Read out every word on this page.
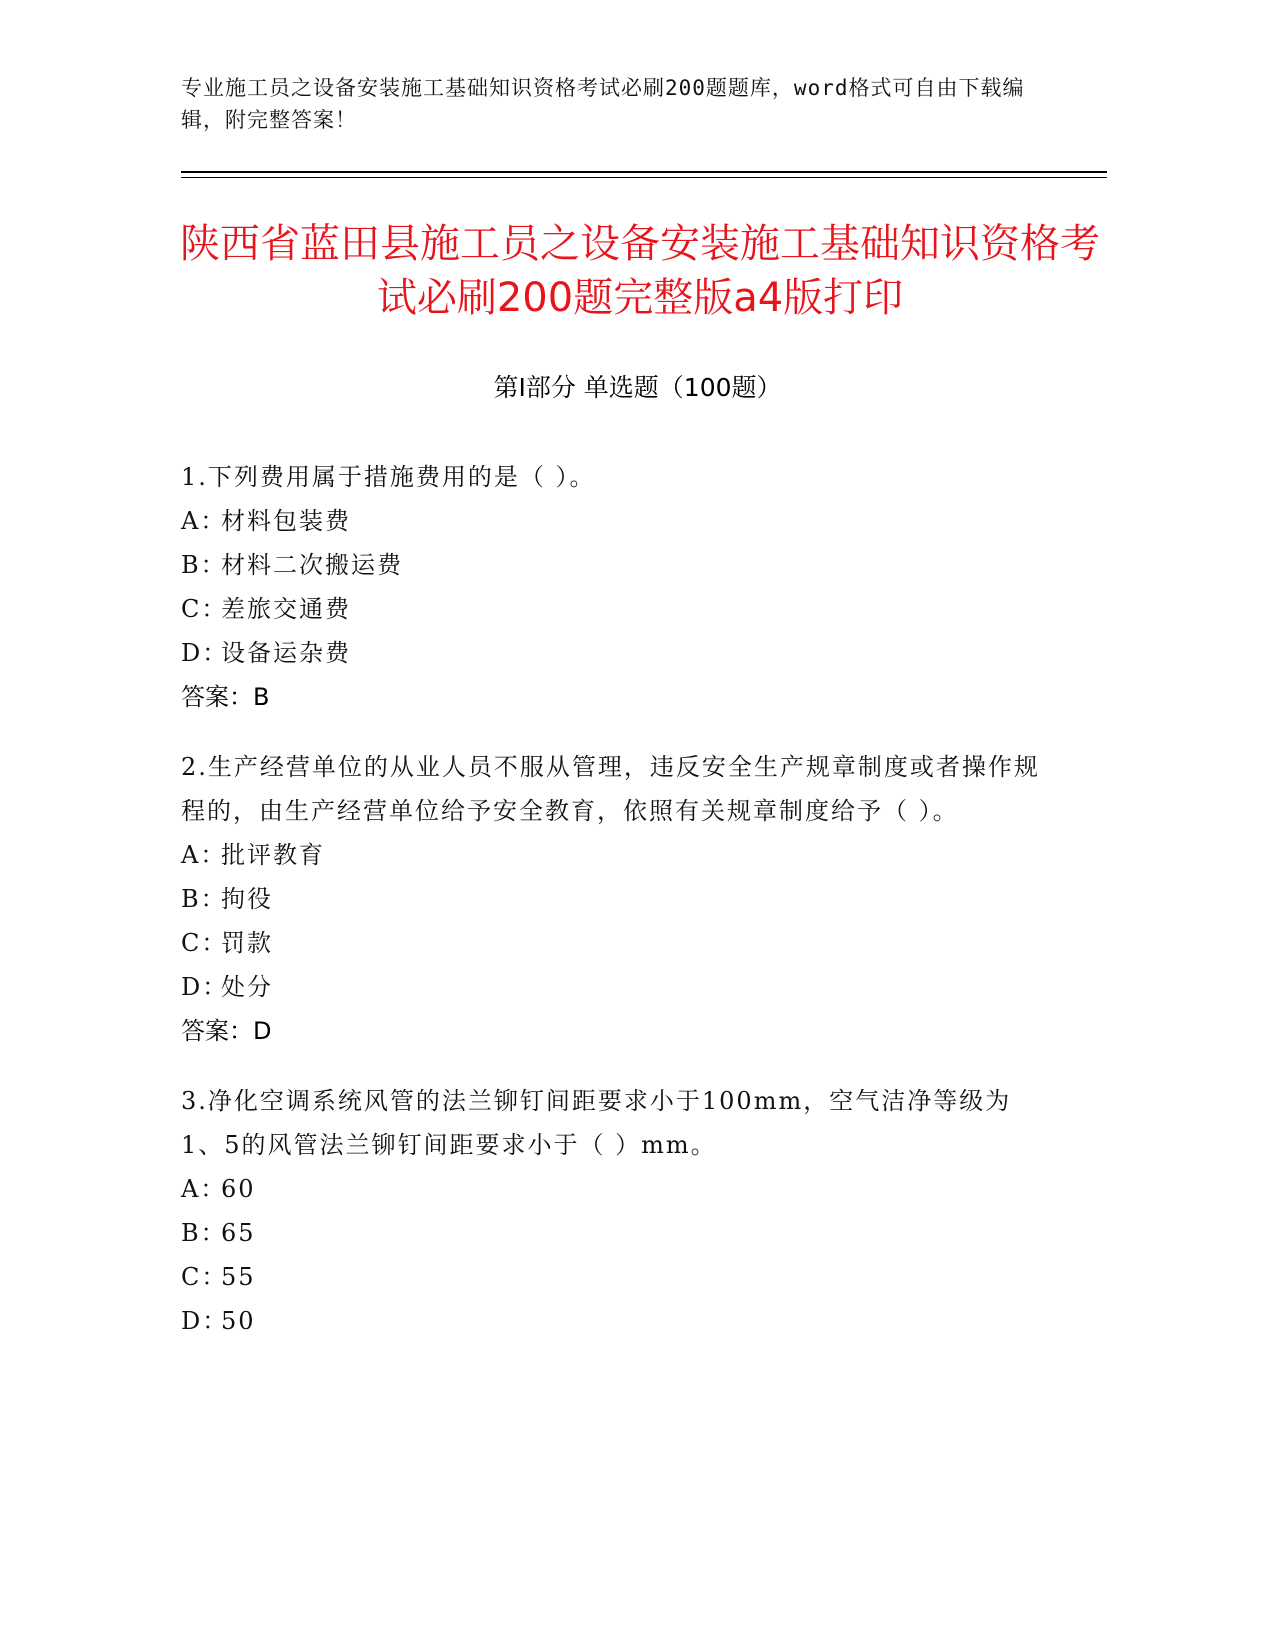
专业施工员之设备安装施工基础知识资格考试必刷200题题库，word格式可自由下载编辑，附完整答案！
陕西省蓝田县施工员之设备安装施工基础知识资格考试必刷200题完整版a4版打印
第Ⅰ部分 单选题（100题）
1.下列费用属于措施费用的是（ ）。
A：
材料包装费
B：
材料二次搬运费
C：
差旅交通费
D：
设备运杂费
答案：B
2.生产经营单位的从业人员不服从管理，违反安全生产规章制度或者操作规程的，由生产经营单位给予安全教育，依照有关规章制度给予（ ）。
A：
批评教育
B：
拘役
C：
罚款
D：
处分
答案：D
3.净化空调系统风管的法兰铆钉间距要求小于100mm，空气洁净等级为1、5的风管法兰铆钉间距要求小于（ ）mm。
A：
60
B：
65
C：
55
D：
50
